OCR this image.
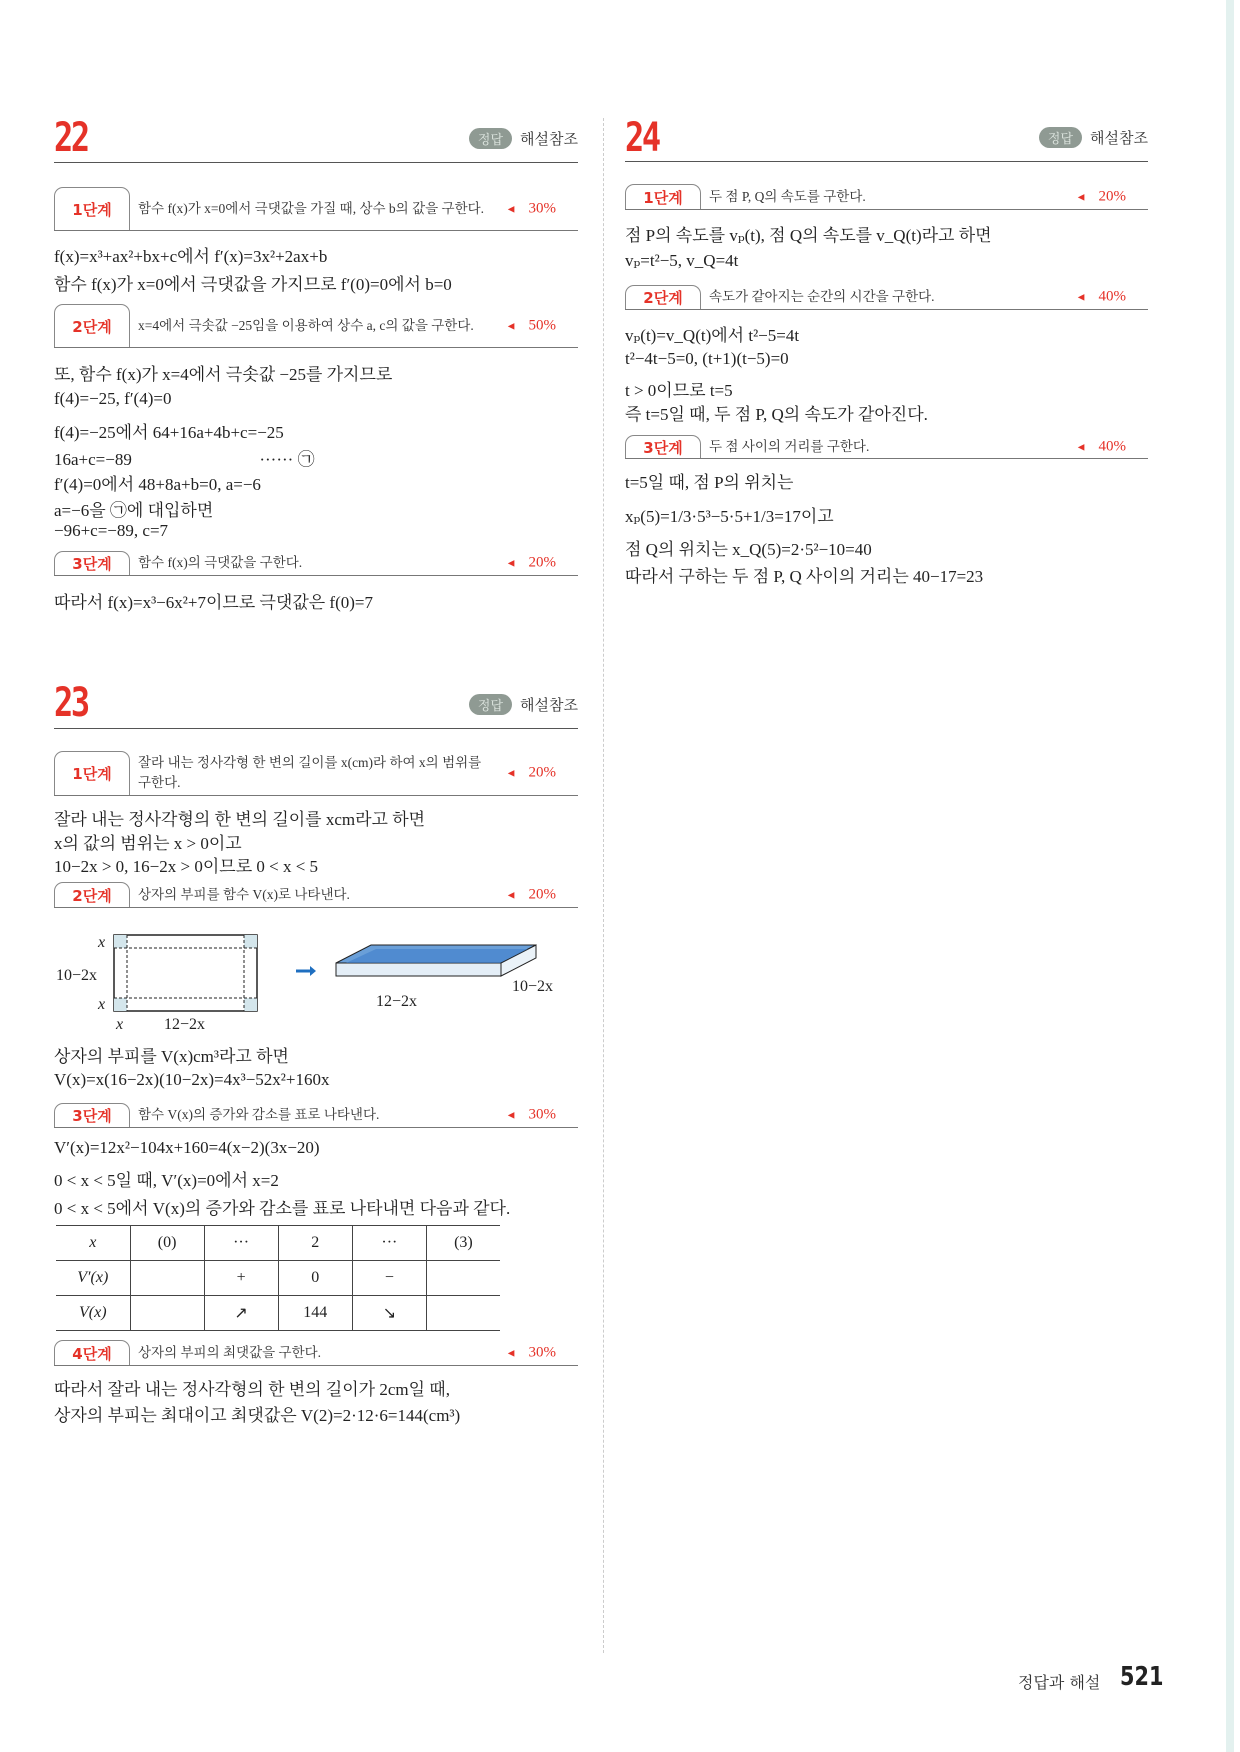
22	정답	해설참조
1단계	함수 f(x)가 x=0에서 극댓값을 가질 때, 상수 b의 값을 구한다.	◄ 30%
f(x)=x³+ax²+bx+c에서 f′(x)=3x²+2ax+b
함수 f(x)가 x=0에서 극댓값을 가지므로 f′(0)=0에서 b=0
2단계	x=4에서 극솟값 −25임을 이용하여 상수 a, c의 값을 구한다.	◄ 50%
또, 함수 f(x)가 x=4에서 극솟값 −25를 가지므로
f(4)=−25, f′(4)=0
f(4)=−25에서 64+16a+4b+c=−25
16a+c=−89                              ······ ㉠
f′(4)=0에서 48+8a+b=0, a=−6
a=−6을 ㉠에 대입하면
−96+c=−89, c=7
3단계	함수 f(x)의 극댓값을 구한다.	◄ 20%
따라서 f(x)=x³−6x²+7이므로 극댓값은 f(0)=7
23	정답	해설참조
1단계
잘라 내는 정사각형 한 변의 길이를 x(cm)라 하여 x의 범위를 구한다.
◄ 20%
잘라 내는 정사각형의 한 변의 길이를 xcm라고 하면
x의 값의 범위는 x > 0이고
10−2x > 0, 16−2x > 0이므로 0 < x < 5
2단계	상자의 부피를 함수 V(x)로 나타낸다.	◄ 20%
x
10−2x
x
x	12−2x
10−2x
12−2x
상자의 부피를 V(x)cm³라고 하면
V(x)=x(16−2x)(10−2x)=4x³−52x²+160x
3단계	함수 V(x)의 증가와 감소를 표로 나타낸다.	◄ 30%
V′(x)=12x²−104x+160=4(x−2)(3x−20)
0 < x < 5일 때, V′(x)=0에서 x=2
0 < x < 5에서 V(x)의 증가와 감소를 표로 나타내면 다음과 같다.
x	(0)	···	2	···	(3)
V′(x)		+	0	−	
V(x)		↗	144	↘	
4단계	상자의 부피의 최댓값을 구한다.	◄ 30%
따라서 잘라 내는 정사각형의 한 변의 길이가 2cm일 때,
상자의 부피는 최대이고 최댓값은 V(2)=2·12·6=144(cm³)
24	정답	해설참조
1단계	두 점 P, Q의 속도를 구한다.	◄ 20%
점 P의 속도를 vₚ(t), 점 Q의 속도를 v_Q(t)라고 하면
vₚ=t²−5, v_Q=4t
2단계	속도가 같아지는 순간의 시간을 구한다.	◄ 40%
vₚ(t)=v_Q(t)에서 t²−5=4t
t²−4t−5=0, (t+1)(t−5)=0
t > 0이므로 t=5
즉 t=5일 때, 두 점 P, Q의 속도가 같아진다.
3단계	두 점 사이의 거리를 구한다.	◄ 40%
t=5일 때, 점 P의 위치는
xₚ(5)=1/3·5³−5·5+1/3=17이고
점 Q의 위치는 x_Q(5)=2·5²−10=40
따라서 구하는 두 점 P, Q 사이의 거리는 40−17=23
정답과 해설 521
